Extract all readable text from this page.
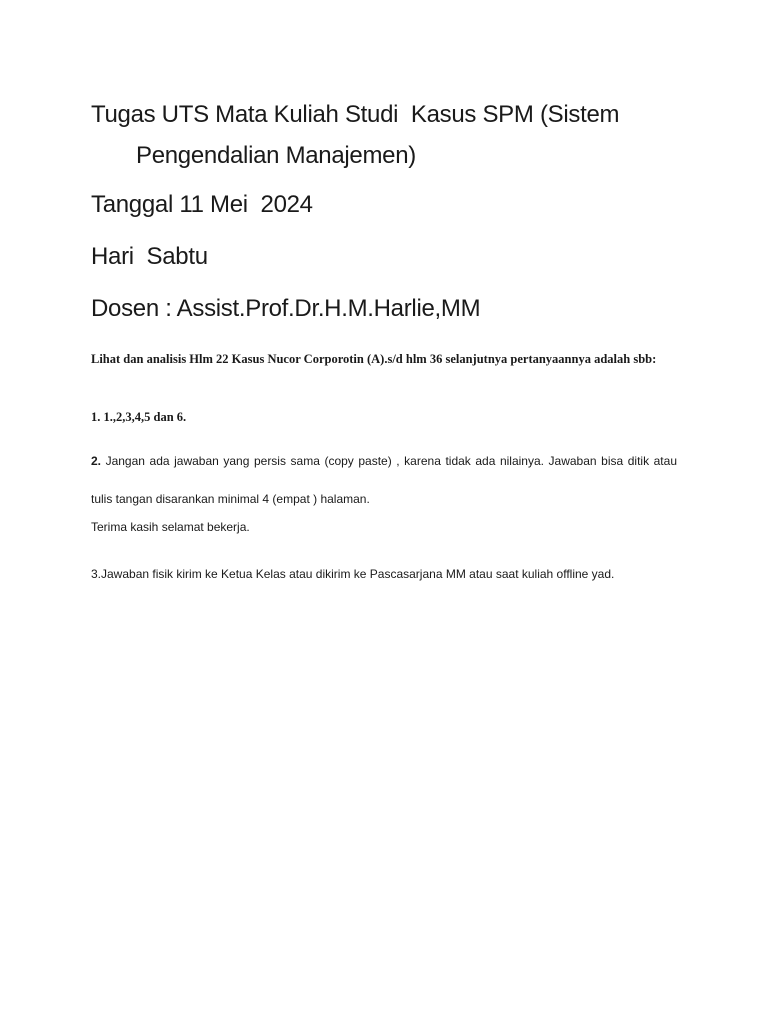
Tugas UTS Mata Kuliah Studi  Kasus SPM (Sistem
Pengendalian Manajemen)

Tanggal 11 Mei  2024

Hari  Sabtu

Dosen : Assist.Prof.Dr.H.M.Harlie,MM

Lihat dan analisis Hlm 22 Kasus Nucor Corporotin (A).s/d hlm 36 selanjutnya pertanyaannya adalah sbb:

1. 1.,2,3,4,5 dan 6.

2. Jangan ada jawaban yang persis sama (copy paste) , karena tidak ada nilainya. Jawaban bisa ditik atau tulis tangan disarankan minimal 4 (empat ) halaman.

Terima kasih selamat bekerja.

3.Jawaban fisik kirim ke Ketua Kelas atau dikirim ke Pascasarjana MM atau saat kuliah offline yad.
